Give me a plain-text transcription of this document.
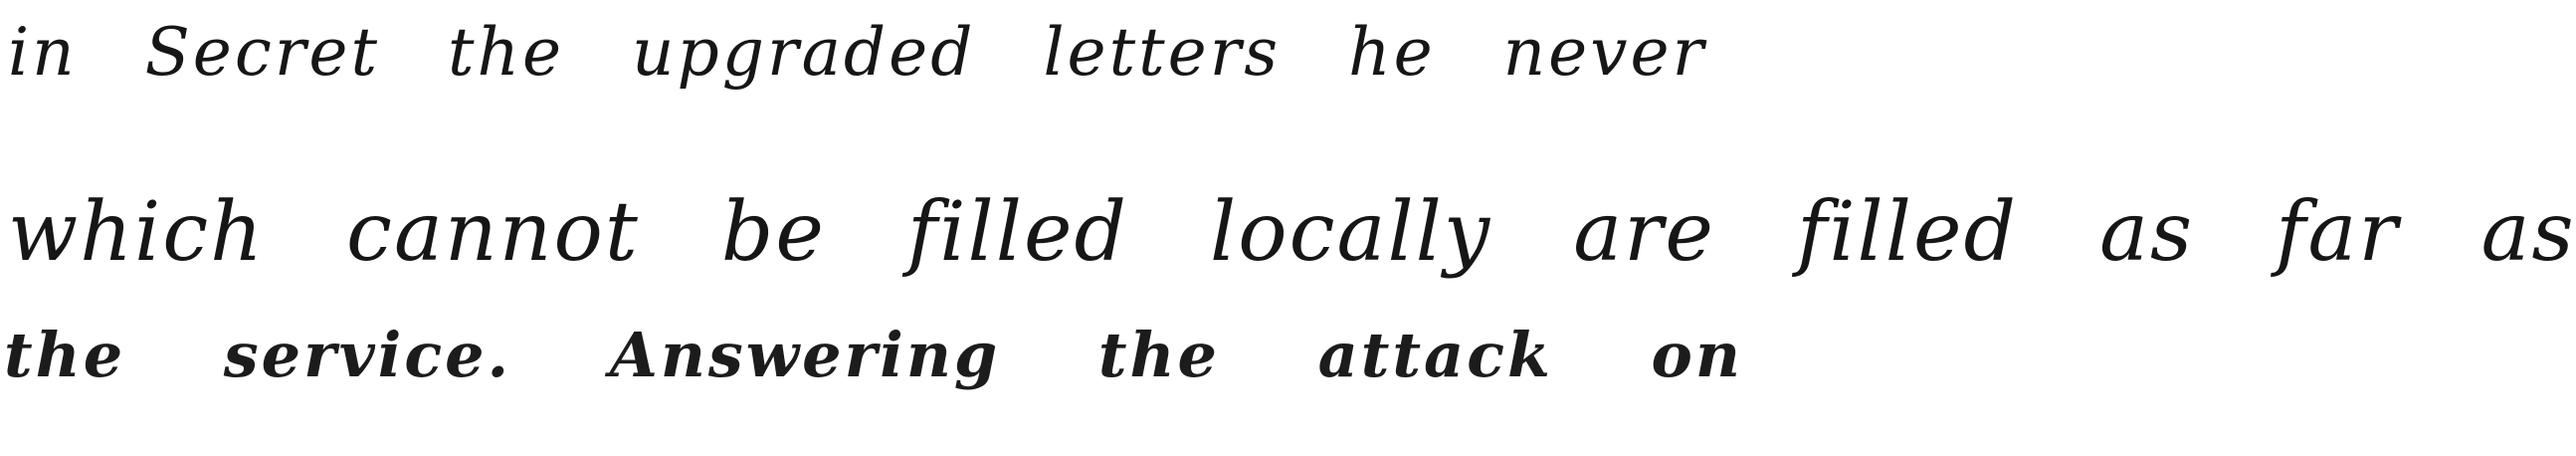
in Secret the upgraded letters he never
which cannot be filled locally are filled as far as
the service. Answering the attack on
